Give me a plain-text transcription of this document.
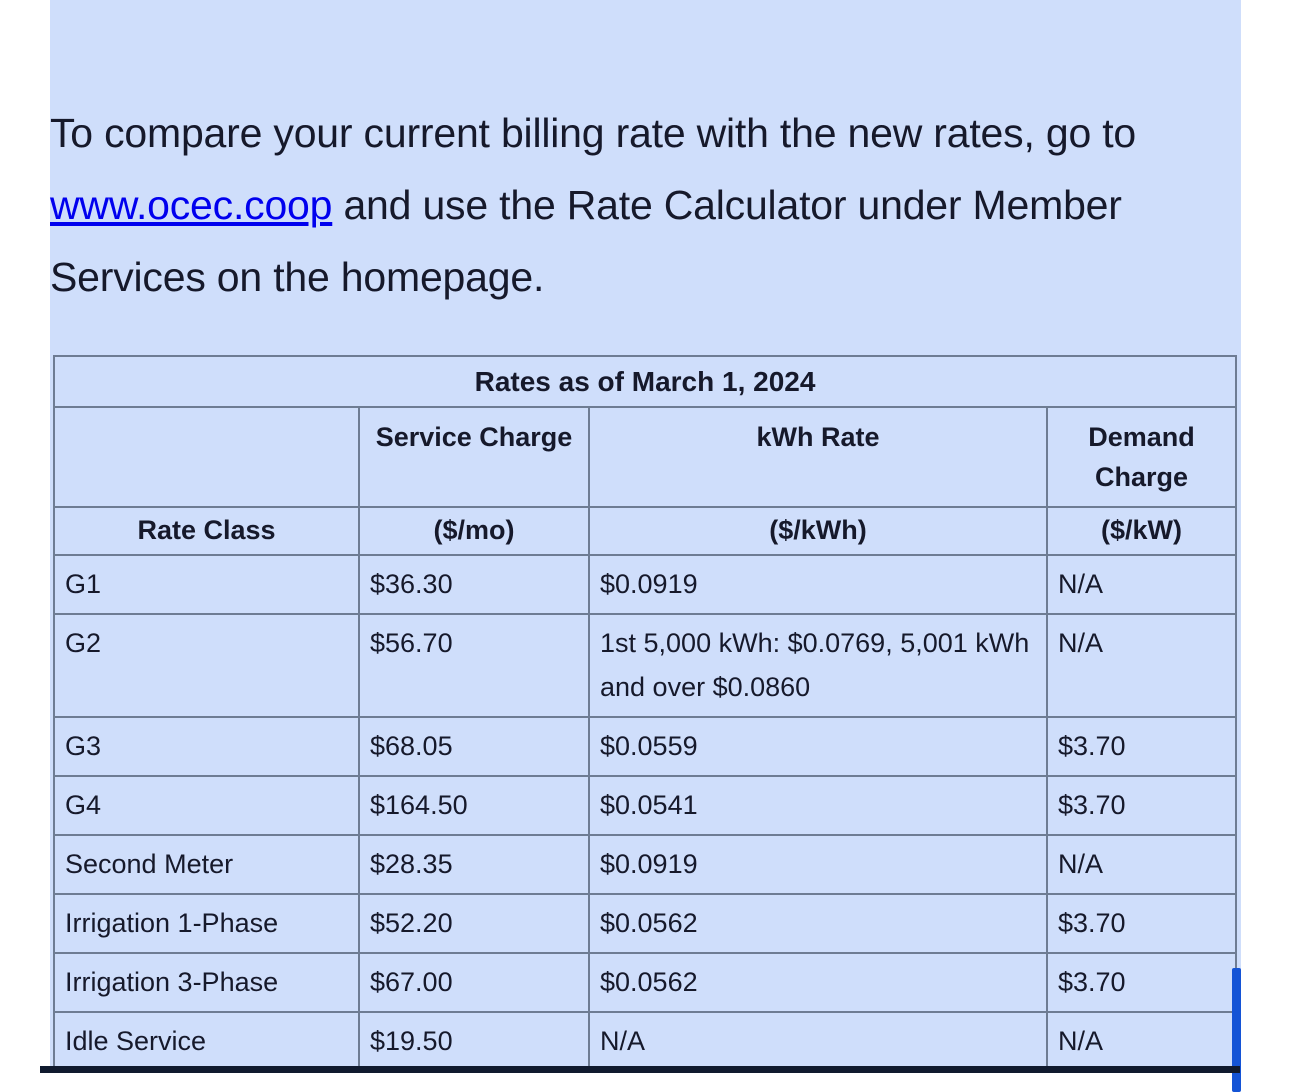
To compare your current billing rate with the new rates, go to www.ocec.coop and use the Rate Calculator under Member Services on the homepage.

Rates as of March 1, 2024			
	Service Charge	kWh Rate	Demand Charge
Rate Class	($/mo)	($/kWh)	($/kW)
G1	$36.30	$0.0919	N/A
G2	$56.70	1st 5,000 kWh: $0.0769, 5,001 kWh and over $0.0860	N/A
G3	$68.05	$0.0559	$3.70
G4	$164.50	$0.0541	$3.70
Second Meter	$28.35	$0.0919	N/A
Irrigation 1-Phase	$52.20	$0.0562	$3.70
Irrigation 3-Phase	$67.00	$0.0562	$3.70
Idle Service	$19.50	N/A	N/A
